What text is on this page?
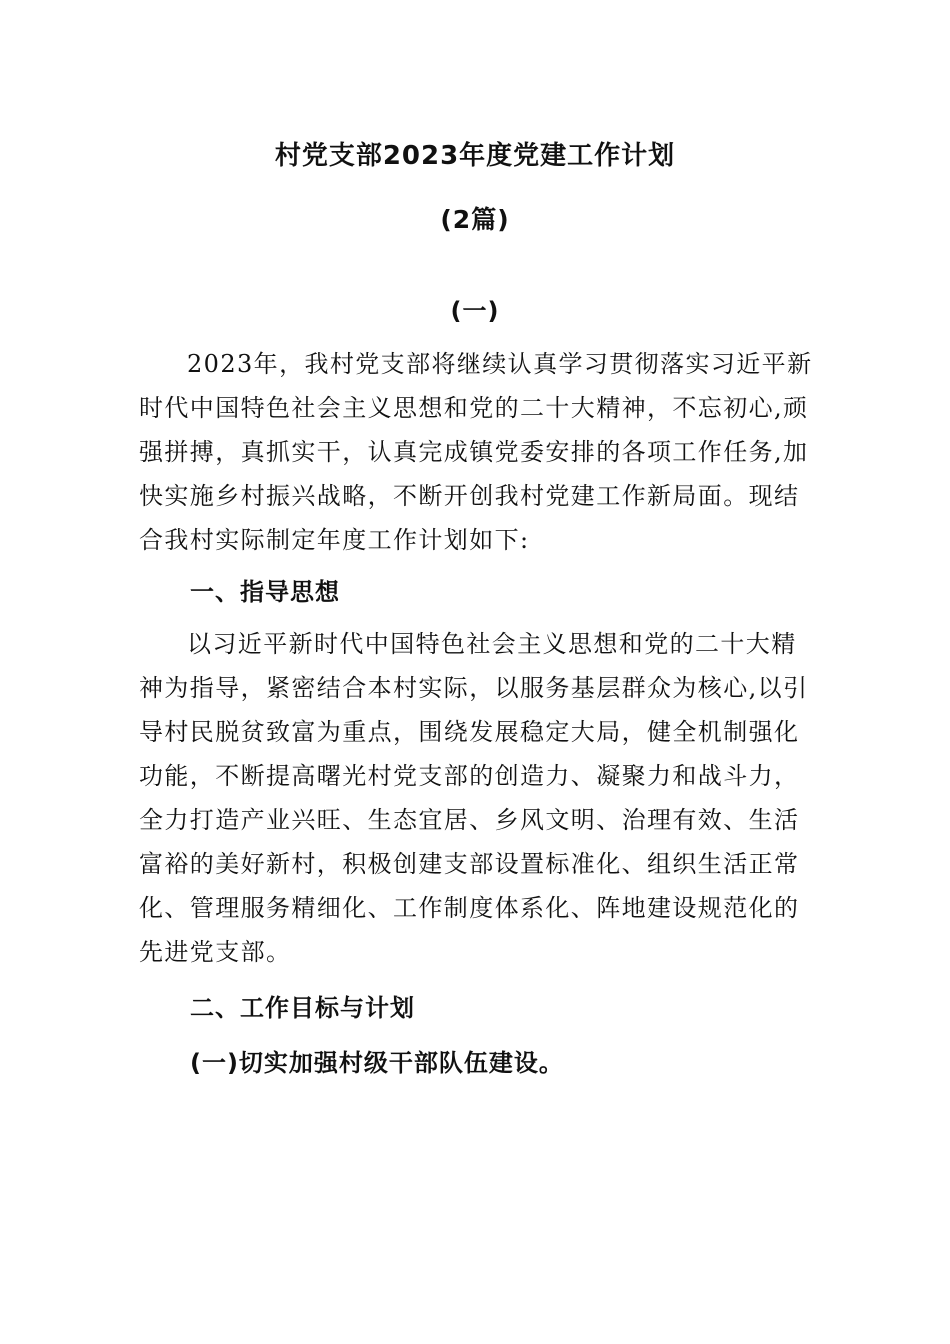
村党支部2023年度党建工作计划
(2篇)
(一)

2023年，我村党支部将继续认真学习贯彻落实习近平新
时代中国特色社会主义思想和党的二十大精神，不忘初心,顽
强拼搏，真抓实干，认真完成镇党委安排的各项工作任务,加
快实施乡村振兴战略，不断开创我村党建工作新局面。现结
合我村实际制定年度工作计划如下:

一、指导思想

以习近平新时代中国特色社会主义思想和党的二十大精
神为指导，紧密结合本村实际，以服务基层群众为核心,以引
导村民脱贫致富为重点，围绕发展稳定大局，健全机制强化
功能，不断提高曙光村党支部的创造力、凝聚力和战斗力，
全力打造产业兴旺、生态宜居、乡风文明、治理有效、生活
富裕的美好新村，积极创建支部设置标准化、组织生活正常
化、管理服务精细化、工作制度体系化、阵地建设规范化的
先进党支部。

二、工作目标与计划
(一)切实加强村级干部队伍建设。
